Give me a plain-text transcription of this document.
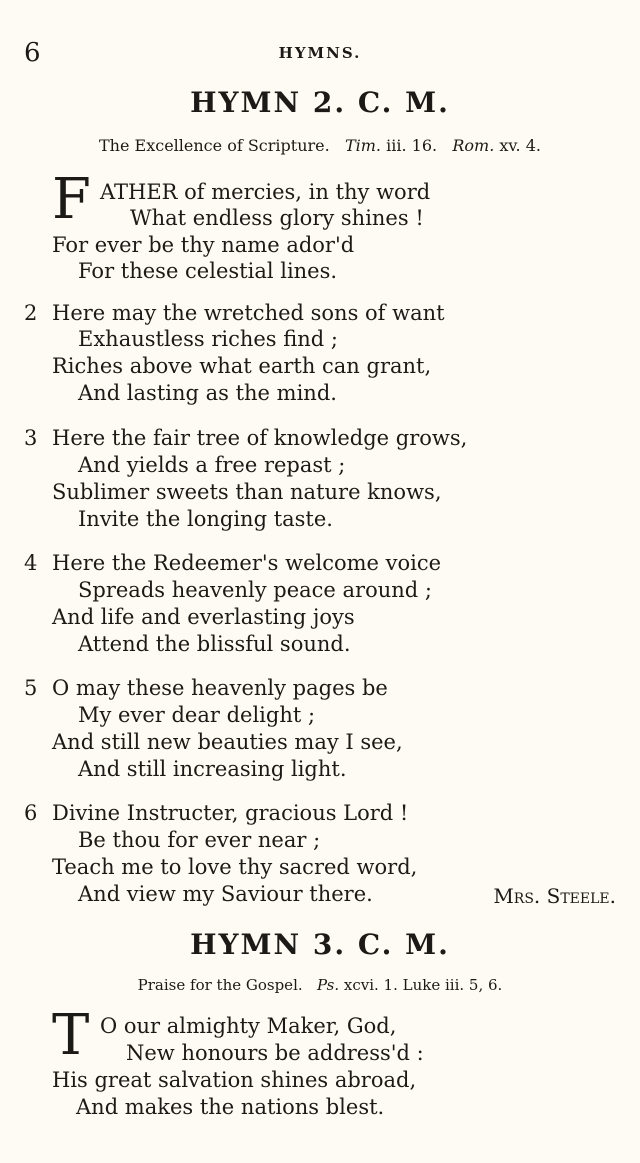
6	HYMNS.
HYMN 2. C. M.
The Excellence of Scripture. Tim. iii. 16. Rom. xv. 4.
F ATHER of mercies, in thy word
What endless glory shines !
For ever be thy name ador'd
For these celestial lines.
2 Here may the wretched sons of want
Exhaustless riches find ;
Riches above what earth can grant,
And lasting as the mind.
3 Here the fair tree of knowledge grows,
And yields a free repast ;
Sublimer sweets than nature knows,
Invite the longing taste.
4 Here the Redeemer's welcome voice
Spreads heavenly peace around ;
And life and everlasting joys
Attend the blissful sound.
5 O may these heavenly pages be
My ever dear delight ;
And still new beauties may I see,
And still increasing light.
6 Divine Instructer, gracious Lord !
Be thou for ever near ;
Teach me to love thy sacred word,
And view my Saviour there.	Mrs. Steele.
HYMN 3. C. M.
Praise for the Gospel. Ps. xcvi. 1. Luke iii. 5, 6.
T O our almighty Maker, God,
New honours be address'd :
His great salvation shines abroad,
And makes the nations blest.
